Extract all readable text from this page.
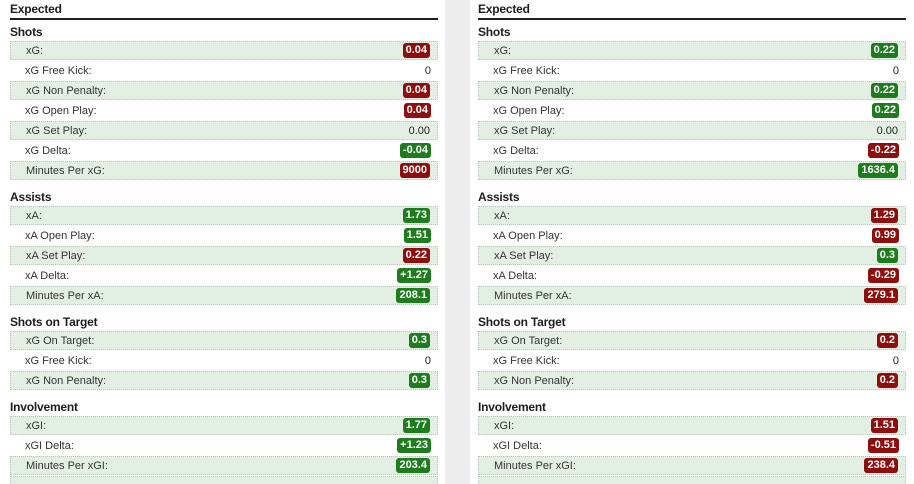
Expected
Shots
xG:	0.04
xG Free Kick:	0
xG Non Penalty:	0.04
xG Open Play:	0.04
xG Set Play:	0.00
xG Delta:	-0.04
Minutes Per xG:	9000
Assists
xA:	1.73
xA Open Play:	1.51
xA Set Play:	0.22
xA Delta:	+1.27
Minutes Per xA:	208.1
Shots on Target
xG On Target:	0.3
xG Free Kick:	0
xG Non Penalty:	0.3
Involvement
xGI:	1.77
xGI Delta:	+1.23
Minutes Per xGI:	203.4
Expected
Shots
xG:	0.22
xG Free Kick:	0
xG Non Penalty:	0.22
xG Open Play:	0.22
xG Set Play:	0.00
xG Delta:	-0.22
Minutes Per xG:	1636.4
Assists
xA:	1.29
xA Open Play:	0.99
xA Set Play:	0.3
xA Delta:	-0.29
Minutes Per xA:	279.1
Shots on Target
xG On Target:	0.2
xG Free Kick:	0
xG Non Penalty:	0.2
Involvement
xGI:	1.51
xGI Delta:	-0.51
Minutes Per xGI:	238.4
